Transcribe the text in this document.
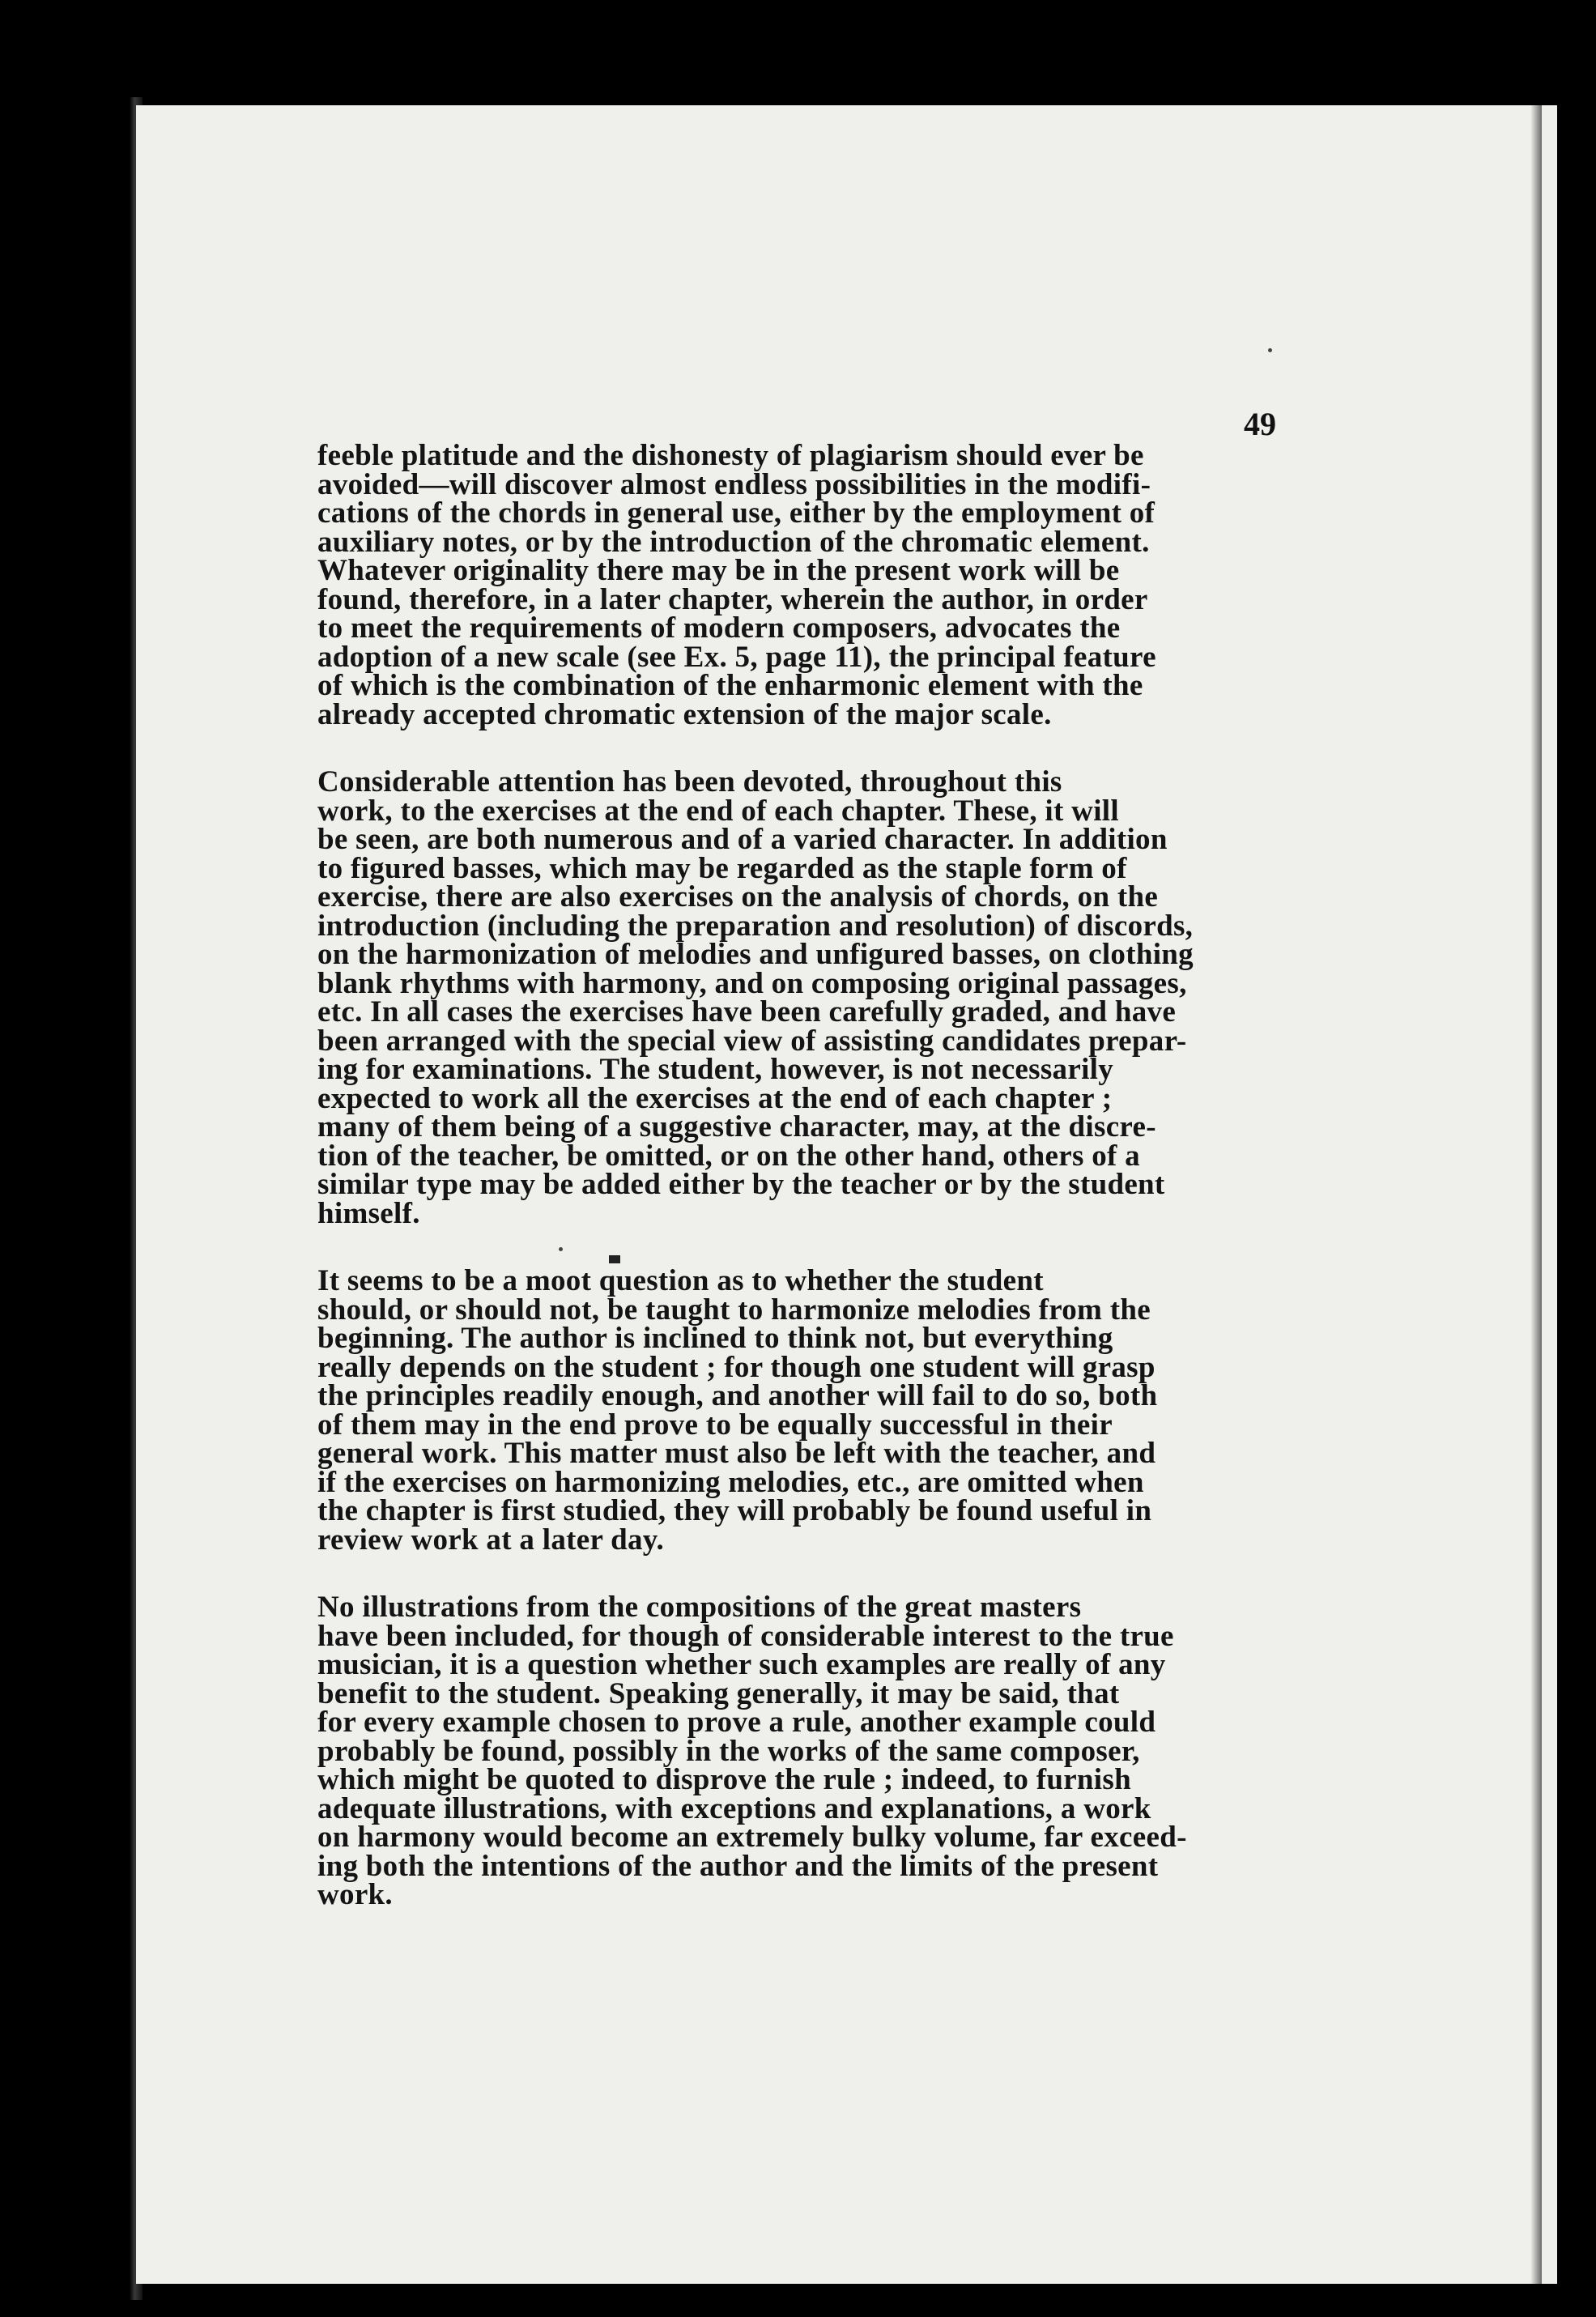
49

feeble platitude and the dishonesty of plagiarism should ever be
avoided—will discover almost endless possibilities in the modifi-
cations of the chords in general use, either by the employment of
auxiliary notes, or by the introduction of the chromatic element.
Whatever originality there may be in the present work will be
found, therefore, in a later chapter, wherein the author, in order
to meet the requirements of modern composers, advocates the
adoption of a new scale (see Ex. 5, page 11), the principal feature
of which is the combination of the enharmonic element with the
already accepted chromatic extension of the major scale.

Considerable attention has been devoted, throughout this
work, to the exercises at the end of each chapter. These, it will
be seen, are both numerous and of a varied character. In addition
to figured basses, which may be regarded as the staple form of
exercise, there are also exercises on the analysis of chords, on the
introduction (including the preparation and resolution) of discords,
on the harmonization of melodies and unfigured basses, on clothing
blank rhythms with harmony, and on composing original passages,
etc. In all cases the exercises have been carefully graded, and have
been arranged with the special view of assisting candidates prepar-
ing for examinations. The student, however, is not necessarily
expected to work all the exercises at the end of each chapter ;
many of them being of a suggestive character, may, at the discre-
tion of the teacher, be omitted, or on the other hand, others of a
similar type may be added either by the teacher or by the student
himself.

It seems to be a moot question as to whether the student
should, or should not, be taught to harmonize melodies from the
beginning. The author is inclined to think not, but everything
really depends on the student ; for though one student will grasp
the principles readily enough, and another will fail to do so, both
of them may in the end prove to be equally successful in their
general work. This matter must also be left with the teacher, and
if the exercises on harmonizing melodies, etc., are omitted when
the chapter is first studied, they will probably be found useful in
review work at a later day.

No illustrations from the compositions of the great masters
have been included, for though of considerable interest to the true
musician, it is a question whether such examples are really of any
benefit to the student. Speaking generally, it may be said, that
for every example chosen to prove a rule, another example could
probably be found, possibly in the works of the same composer,
which might be quoted to disprove the rule ; indeed, to furnish
adequate illustrations, with exceptions and explanations, a work
on harmony would become an extremely bulky volume, far exceed-
ing both the intentions of the author and the limits of the present
work.
